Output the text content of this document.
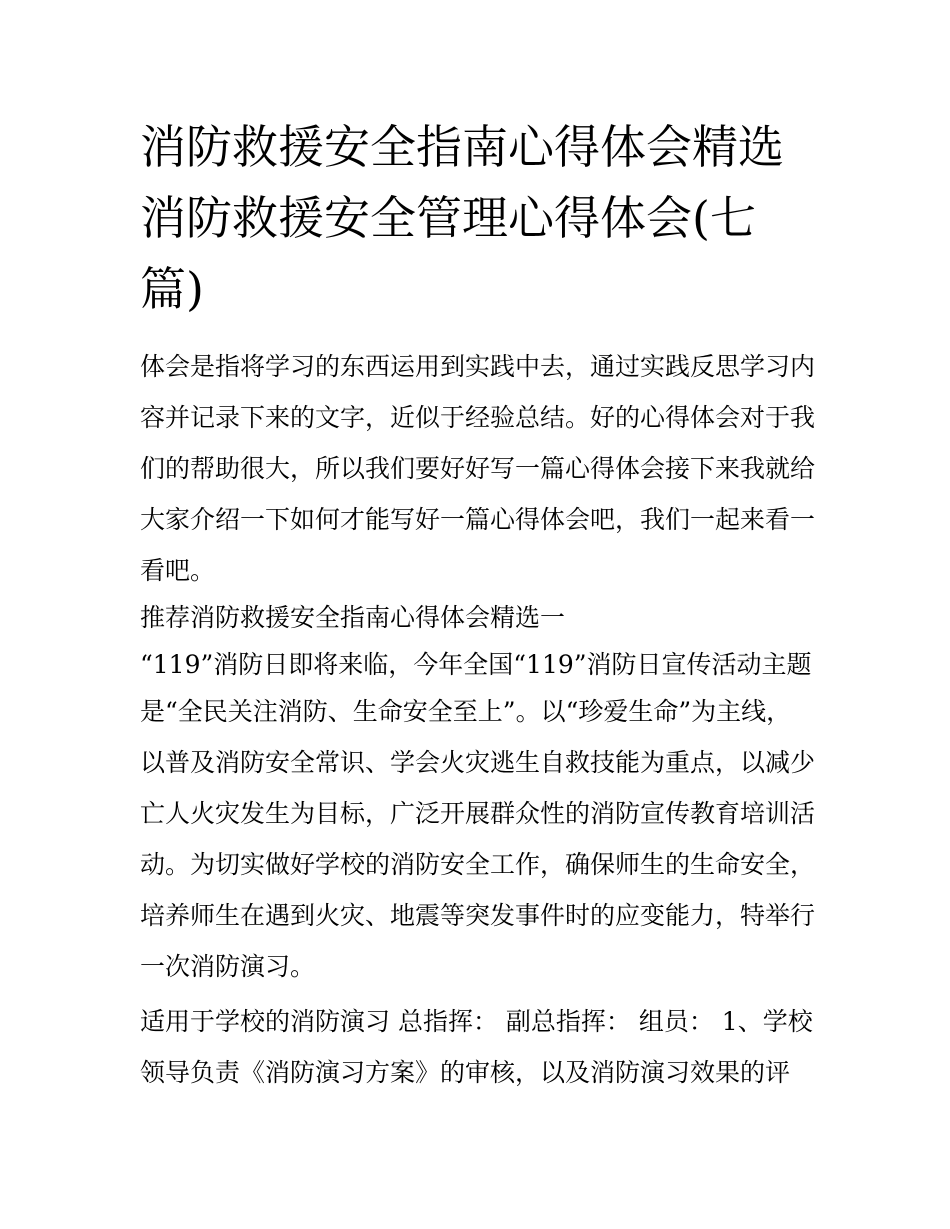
消防救援安全指南心得体会精选 消防救援安全管理心得体会(七篇)

体会是指将学习的东西运用到实践中去，通过实践反思学习内容并记录下来的文字，近似于经验总结。好的心得体会对于我们的帮助很大，所以我们要好好写一篇心得体会接下来我就给大家介绍一下如何才能写好一篇心得体会吧，我们一起来看一看吧。

推荐消防救援安全指南心得体会精选一

“119”消防日即将来临，今年全国“119”消防日宣传活动主题

是“全民关注消防、生命安全至上”。以“珍爱生命”为主线，以普及消防安全常识、学会火灾逃生自救技能为重点，以减少亡人火灾发生为目标，广泛开展群众性的消防宣传教育培训活动。为切实做好学校的消防安全工作，确保师生的生命安全，培养师生在遇到火灾、地震等突发事件时的应变能力，特举行一次消防演习。

适用于学校的消防演习 总指挥： 副总指挥： 组员： 1、学校领导负责《消防演习方案》的审核，以及消防演习效果的评
